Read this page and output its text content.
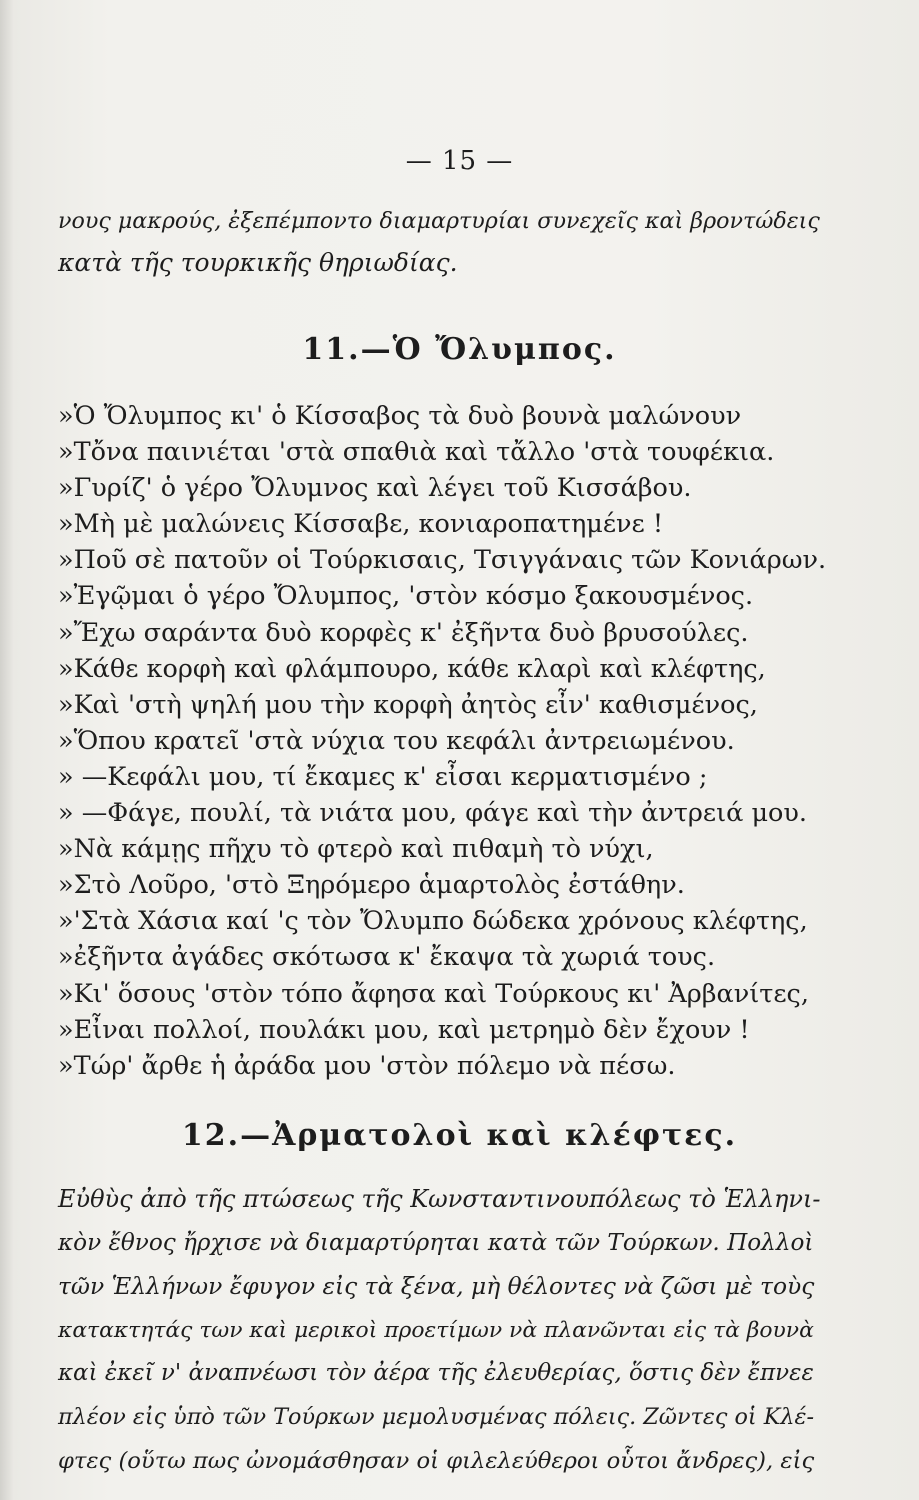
— 15 —
νους μακρούς, ἐξεπέμποντο διαμαρτυρίαι συνεχεῖς καὶ βροντώδεις
κατὰ τῆς τουρκικῆς θηριωδίας.
11.—Ὁ Ὄλυμπος.
»Ὁ Ὄλυμπος κι' ὁ Κίσσαβος τὰ δυὸ βουνὰ μαλώνουν
»Τὄνα παινιέται 'στὰ σπαθιὰ καὶ τἄλλο 'στὰ τουφέκια.
»Γυρίζ' ὁ γέρο Ὄλυμνος καὶ λέγει τοῦ Κισσάβου.
»Μὴ μὲ μαλώνεις Κίσσαβε, κονιαροπατημένε !
»Ποῦ σὲ πατοῦν οἱ Τούρκισαις, Τσιγγάναις τῶν Κονιάρων.
»Ἐγῷμαι ὁ γέρο Ὄλυμπος, 'στὸν κόσμο ξακουσμένος.
»Ἔχω σαράντα δυὸ κορφὲς κ' ἐξῆντα δυὸ βρυσούλες.
»Κάθε κορφὴ καὶ φλάμπουρο, κάθε κλαρὶ καὶ κλέφτης,
»Καὶ 'στὴ ψηλή μου τὴν κορφὴ ἀητὸς εἶν' καθισμένος,
»Ὅπου κρατεῖ 'στὰ νύχια του κεφάλι ἀντρειωμένου.
» —Κεφάλι μου, τί ἔκαμες κ' εἶσαι κερματισμένο ;
» —Φάγε, πουλί, τὰ νιάτα μου, φάγε καὶ τὴν ἀντρειά μου.
»Νὰ κάμῃς πῆχυ τὸ φτερὸ καὶ πιθαμὴ τὸ νύχι,
»Στὸ Λοῦρο, 'στὸ Ξηρόμερο ἁμαρτολὸς ἐστάθην.
»'Στὰ Χάσια καί 'ς τὸν Ὄλυμπο δώδεκα χρόνους κλέφτης,
»ἐξῆντα ἀγάδες σκότωσα κ' ἔκαψα τὰ χωριά τους.
»Κι' ὅσους 'στὸν τόπο ἄφησα καὶ Τούρκους κι' Ἀρβανίτες,
»Εἶναι πολλοί, πουλάκι μου, καὶ μετρημὸ δὲν ἔχουν !
»Τώρ' ἄρθε ἡ ἀράδα μου 'στὸν πόλεμο νὰ πέσω.
12.—Ἀρματολοὶ καὶ κλέφτες.
Εὐθὺς ἀπὸ τῆς πτώσεως τῆς Κωνσταντινουπόλεως τὸ Ἑλληνι-
κὸν ἔθνος ἤρχισε νὰ διαμαρτύρηται κατὰ τῶν Τούρκων. Πολλοὶ
τῶν Ἑλλήνων ἔφυγον εἰς τὰ ξένα, μὴ θέλοντες νὰ ζῶσι μὲ τοὺς
κατακτητάς των καὶ μερικοὶ προετίμων νὰ πλανῶνται εἰς τὰ βουνὰ
καὶ ἐκεῖ ν' ἀναπνέωσι τὸν ἀέρα τῆς ἐλευθερίας, ὅστις δὲν ἔπνεε
πλέον εἰς ὑπὸ τῶν Τούρκων μεμολυσμένας πόλεις. Ζῶντες οἱ Κλέ-
φτες (οὕτω πως ὠνομάσθησαν οἱ φιλελεύθεροι οὗτοι ἄνδρες), εἰς
